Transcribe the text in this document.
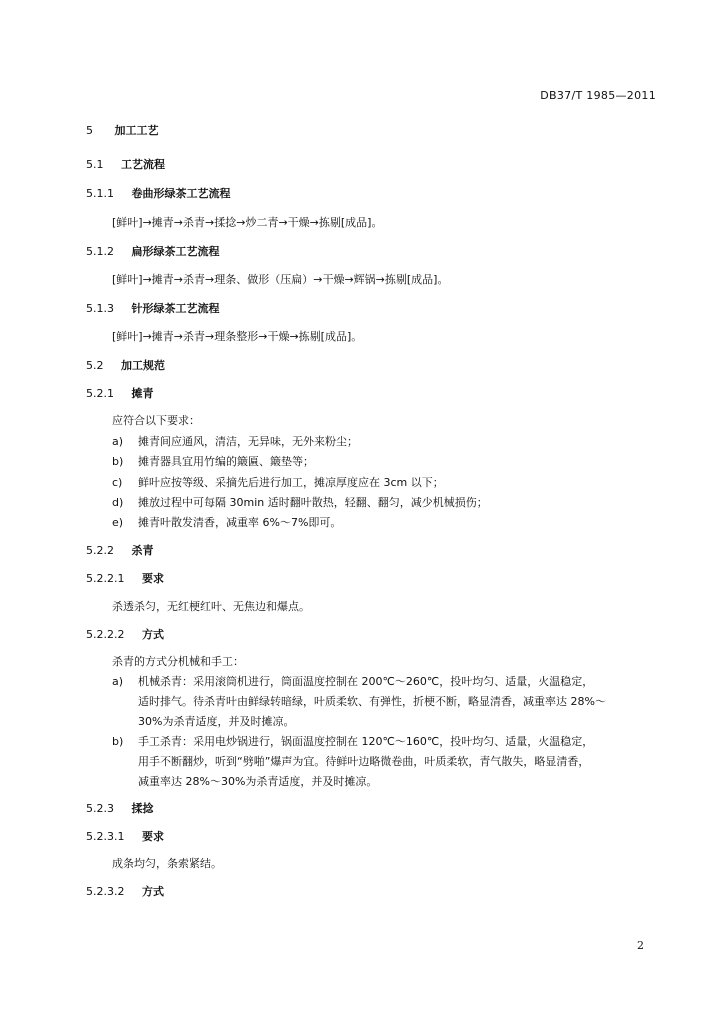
DB37/T 1985—2011
5 加工工艺
5.1 工艺流程
5.1.1 卷曲形绿茶工艺流程
[鲜叶]→摊青→杀青→揉捻→炒二青→干燥→拣剔[成品]。
5.1.2 扁形绿茶工艺流程
[鲜叶]→摊青→杀青→理条、做形（压扁）→干燥→辉锅→拣剔[成品]。
5.1.3 针形绿茶工艺流程
[鲜叶]→摊青→杀青→理条整形→干燥→拣剔[成品]。
5.2 加工规范
5.2.1 摊青
应符合以下要求：
a) 摊青间应通风，清洁，无异味，无外来粉尘；
b) 摊青器具宜用竹编的簸匾、簸垫等；
c) 鲜叶应按等级、采摘先后进行加工，摊凉厚度应在 3cm 以下；
d) 摊放过程中可每隔 30min 适时翻叶散热，轻翻、翻匀，减少机械损伤；
e) 摊青叶散发清香，减重率 6%～7%即可。
5.2.2 杀青
5.2.2.1 要求
杀透杀匀，无红梗红叶、无焦边和爆点。
5.2.2.2 方式
杀青的方式分机械和手工：
a) 机械杀青：采用滚筒机进行，筒面温度控制在 200℃～260℃，投叶均匀、适量，火温稳定，
适时排气。待杀青叶由鲜绿转暗绿，叶质柔软、有弹性，折梗不断，略显清香，减重率达 28%～
30%为杀青适度，并及时摊凉。
b) 手工杀青：采用电炒锅进行，锅面温度控制在 120℃～160℃，投叶均匀、适量，火温稳定，
用手不断翻炒，听到“劈啪”爆声为宜。待鲜叶边略微卷曲，叶质柔软，青气散失，略显清香，
减重率达 28%～30%为杀青适度，并及时摊凉。
5.2.3 揉捻
5.2.3.1 要求
成条均匀，条索紧结。
5.2.3.2 方式
2
